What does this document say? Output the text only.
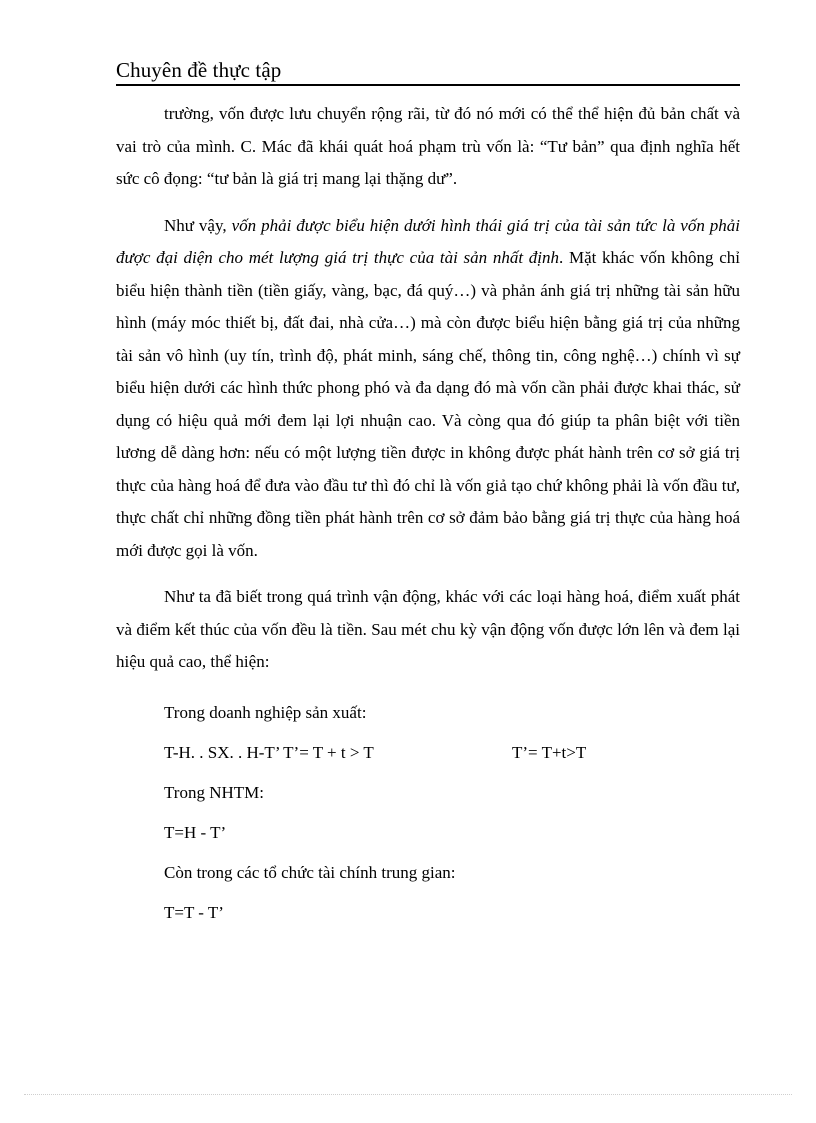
Chuyên đề thực tập

trường, vốn được lưu chuyển rộng rãi, từ đó nó mới có thể thể hiện đủ bản chất và vai trò của mình. C. Mác đã khái quát hoá phạm trù vốn là: “Tư bản” qua định nghĩa hết sức cô đọng: “tư bản là giá trị mang lại thặng dư”.

Như vậy, vốn phải được biểu hiện dưới hình thái giá trị của tài sản tức là vốn phải được đại diện cho mét lượng giá trị thực của tài sản nhất định. Mặt khác vốn không chỉ biểu hiện thành tiền (tiền giấy, vàng, bạc, đá quý…) và phản ánh giá trị những tài sản hữu hình (máy móc thiết bị, đất đai, nhà cửa…) mà còn được biểu hiện bằng giá trị của những tài sản vô hình (uy tín, trình độ, phát minh, sáng chế, thông tin, công nghệ…) chính vì sự biểu hiện dưới các hình thức phong phó và đa dạng đó mà vốn cần phải được khai thác, sử dụng có hiệu quả mới đem lại lợi nhuận cao. Và còng qua đó giúp ta phân biệt với tiền lương dễ dàng hơn: nếu có một lượng tiền được in không được phát hành trên cơ sở giá trị thực của hàng hoá để đưa vào đầu tư thì đó chỉ là vốn giả tạo chứ không phải là vốn đầu tư, thực chất chỉ những đồng tiền phát hành trên cơ sở đảm bảo bằng giá trị thực của hàng hoá mới được gọi là vốn.

Như ta đã biết trong quá trình vận động, khác với các loại hàng hoá, điểm xuất phát và điểm kết thúc của vốn đều là tiền. Sau mét chu kỳ vận động vốn được lớn lên và đem lại hiệu quả cao, thể hiện:

Trong doanh nghiệp sản xuất:
T-H. . SX. . H-T’ T’= T + t > T	T’= T+t>T
Trong NHTM:
T=H - T’
Còn trong các tổ chức tài chính trung gian:
T=T - T’
